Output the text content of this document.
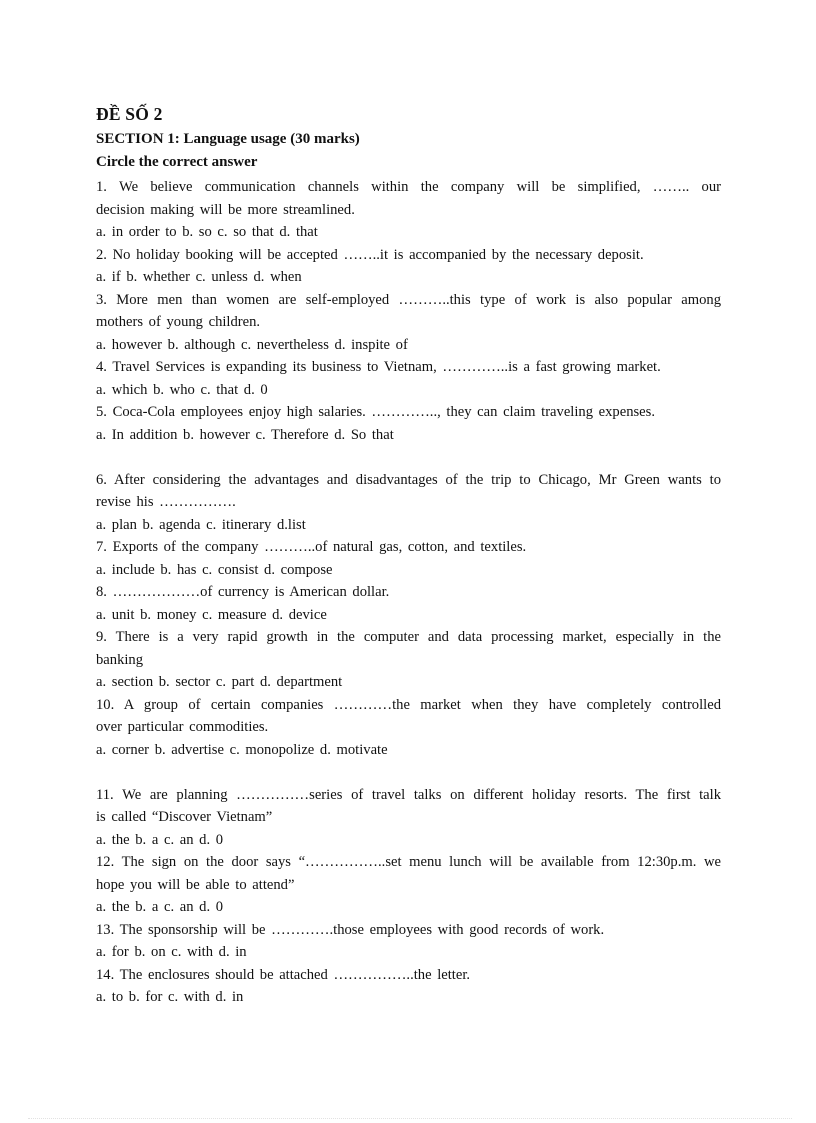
ĐỀ SỐ 2
SECTION 1: Language usage (30 marks)
Circle the correct answer
1. We believe communication channels within the company will be simplified, …….. our
decision making will be more streamlined.
a. in order to b. so c. so that d. that
2. No holiday booking will be accepted ……..it is accompanied by the necessary deposit.
a. if b. whether c. unless d. when
3. More men than women are self-employed ………..this type of work is also popular among
mothers of young children.
a. however b. although c. nevertheless d. inspite of
4. Travel Services is expanding its business to Vietnam, …………..is a fast growing market.
a. which b. who c. that d. 0
5. Coca-Cola employees enjoy high salaries. ………….., they can claim traveling expenses.
a. In addition b. however c. Therefore d. So that
6. After considering the advantages and disadvantages of the trip to Chicago, Mr Green wants to
revise his …………….
a. plan b. agenda c. itinerary d.list
7. Exports of the company ………..of natural gas, cotton, and textiles.
a. include b. has c. consist d. compose
8. ………………of currency is American dollar.
a. unit b. money c. measure d. device
9. There is a very rapid growth in the computer and data processing market, especially in the
banking
a. section b. sector c. part d. department
10. A group of certain companies …………the market when they have completely controlled
over particular commodities.
a. corner b. advertise c. monopolize d. motivate
11. We are planning ……………series of travel talks on different holiday resorts. The first talk
is called “Discover Vietnam”
a. the b. a c. an d. 0
12. The sign on the door says “……………..set menu lunch will be available from 12:30p.m. we
hope you will be able to attend”
a. the b. a c. an d. 0
13. The sponsorship will be ………….those employees with good records of work.
a. for b. on c. with d. in
14. The enclosures should be attached ……………..the letter.
a. to b. for c. with d. in
